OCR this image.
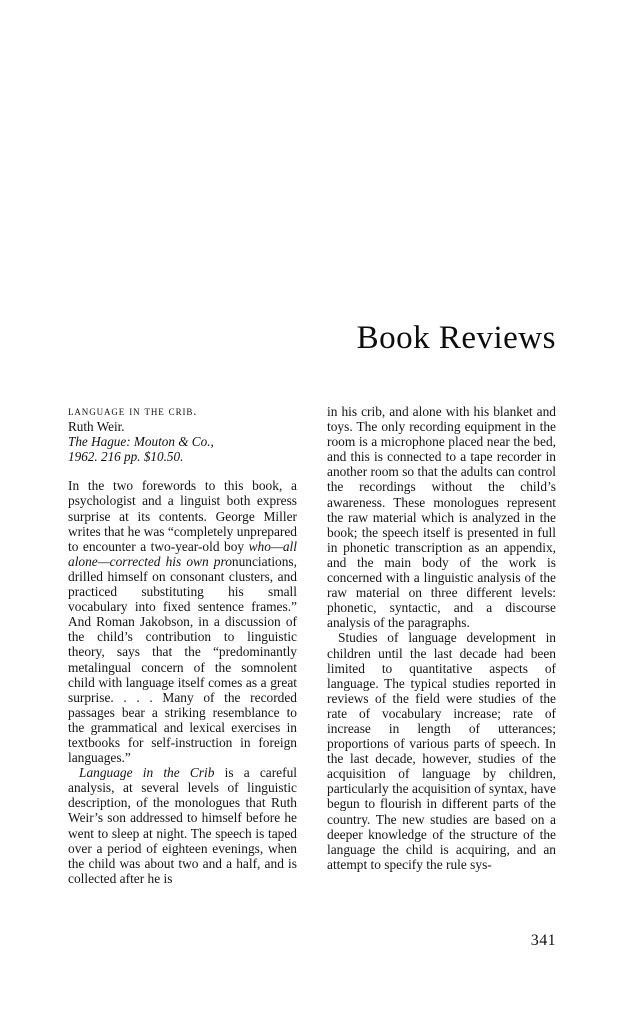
Book Reviews
language in the crib.
Ruth Weir.
The Hague: Mouton & Co.,
1962. 216 pp. $10.50.

In the two forewords to this book, a psychologist and a linguist both express surprise at its contents. George Miller writes that he was “completely unprepared to encounter a two-year-old boy who—all alone—corrected his own pronunciations, drilled himself on consonant clusters, and practiced substituting his small vocabulary into fixed sentence frames.” And Roman Jakobson, in a discussion of the child’s contribution to linguistic theory, says that the “predominantly metalingual concern of the somnolent child with language itself comes as a great surprise. . . . Many of the recorded passages bear a striking resemblance to the grammatical and lexical exercises in textbooks for self-instruction in foreign languages.”

Language in the Crib is a careful analysis, at several levels of linguistic description, of the monologues that Ruth Weir’s son addressed to himself before he went to sleep at night. The speech is taped over a period of eighteen evenings, when the child was about two and a half, and is collected after he is

in his crib, and alone with his blanket and toys. The only recording equipment in the room is a microphone placed near the bed, and this is connected to a tape recorder in another room so that the adults can control the recordings without the child’s awareness. These monologues represent the raw material which is analyzed in the book; the speech itself is presented in full in phonetic transcription as an appendix, and the main body of the work is concerned with a linguistic analysis of the raw material on three different levels: phonetic, syntactic, and a discourse analysis of the paragraphs.

Studies of language development in children until the last decade had been limited to quantitative aspects of language. The typical studies reported in reviews of the field were studies of the rate of vocabulary increase; rate of increase in length of utterances; proportions of various parts of speech. In the last decade, however, studies of the acquisition of language by children, particularly the acquisition of syntax, have begun to flourish in different parts of the country. The new studies are based on a deeper knowledge of the structure of the language the child is acquiring, and an attempt to specify the rule sys-

341
